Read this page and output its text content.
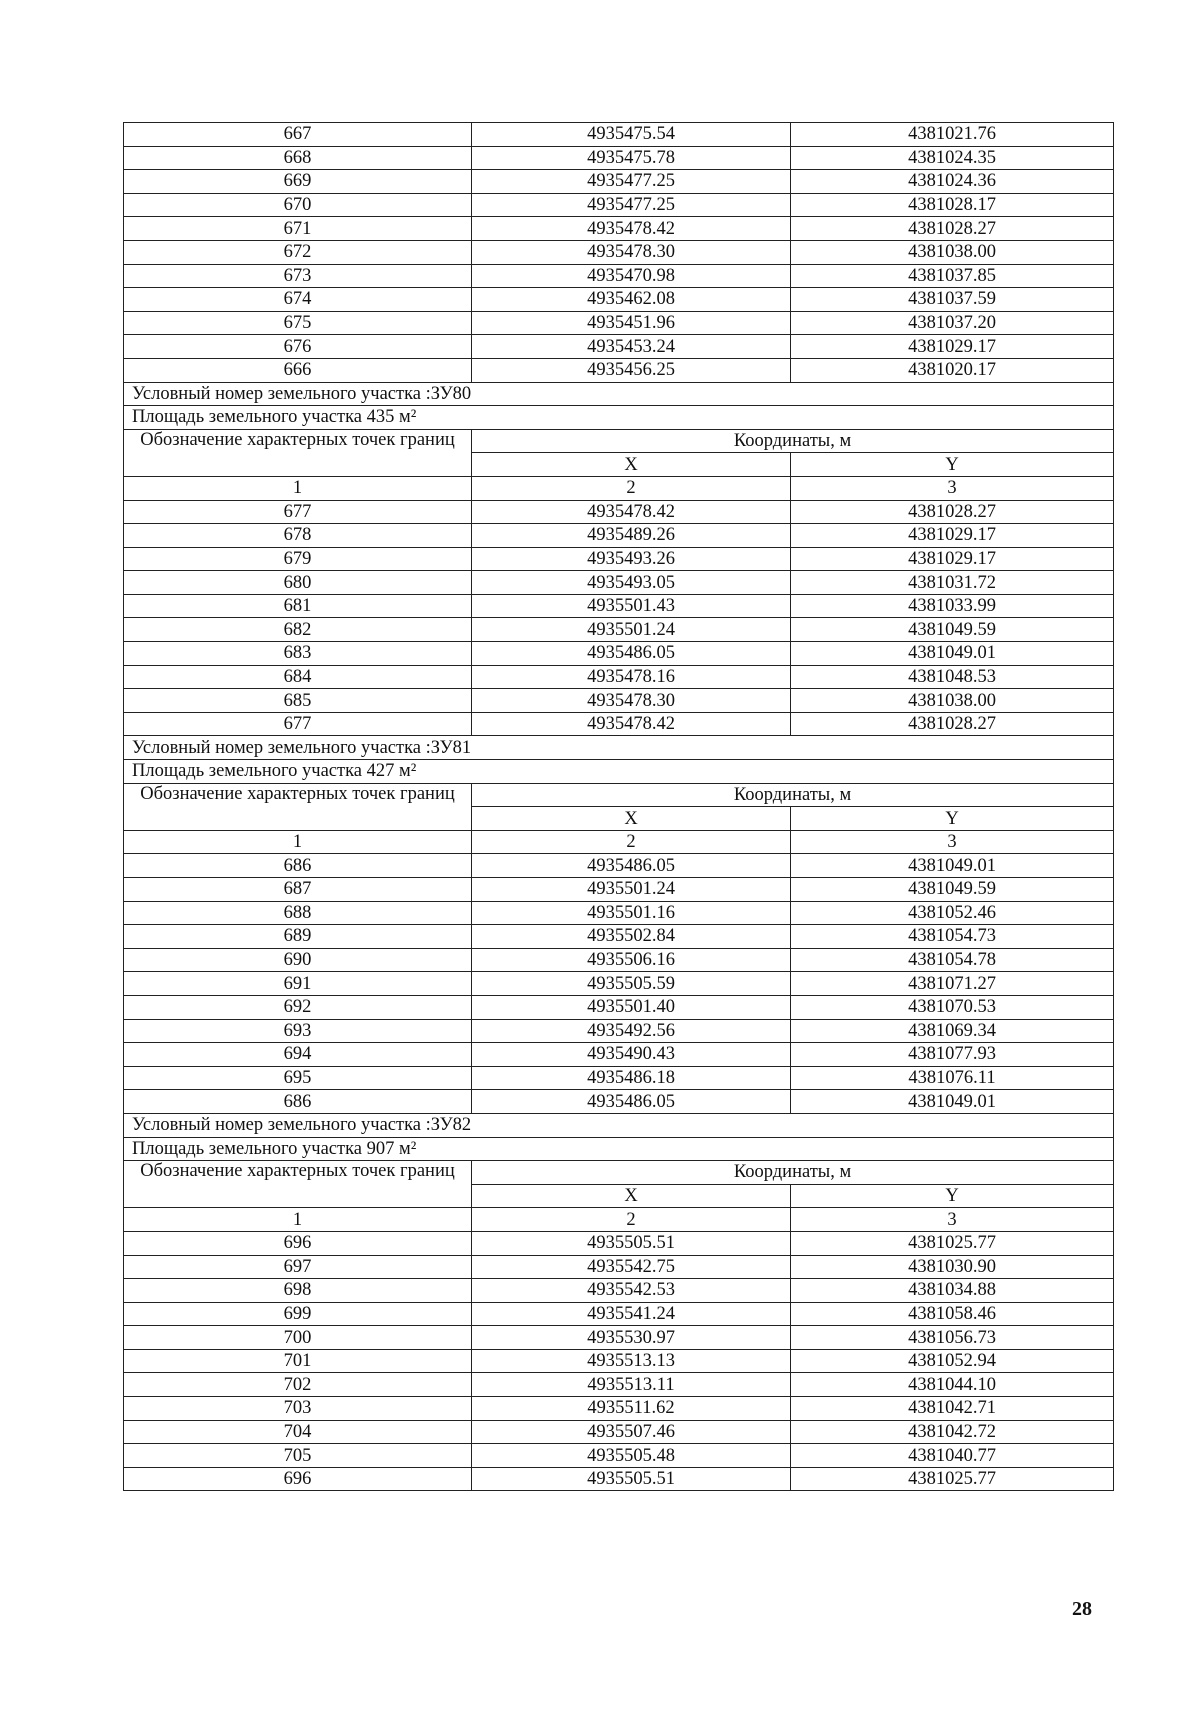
667	4935475.54	4381021.76
668	4935475.78	4381024.35
669	4935477.25	4381024.36
670	4935477.25	4381028.17
671	4935478.42	4381028.27
672	4935478.30	4381038.00
673	4935470.98	4381037.85
674	4935462.08	4381037.59
675	4935451.96	4381037.20
676	4935453.24	4381029.17
666	4935456.25	4381020.17
Условный номер земельного участка :ЗУ80		
Площадь земельного участка 435 м²		
Обозначение характерных точек границ	Координаты, м	
	X	Y
1	2	3
677	4935478.42	4381028.27
678	4935489.26	4381029.17
679	4935493.26	4381029.17
680	4935493.05	4381031.72
681	4935501.43	4381033.99
682	4935501.24	4381049.59
683	4935486.05	4381049.01
684	4935478.16	4381048.53
685	4935478.30	4381038.00
677	4935478.42	4381028.27
Условный номер земельного участка :ЗУ81		
Площадь земельного участка 427 м²		
Обозначение характерных точек границ	Координаты, м	
	X	Y
1	2	3
686	4935486.05	4381049.01
687	4935501.24	4381049.59
688	4935501.16	4381052.46
689	4935502.84	4381054.73
690	4935506.16	4381054.78
691	4935505.59	4381071.27
692	4935501.40	4381070.53
693	4935492.56	4381069.34
694	4935490.43	4381077.93
695	4935486.18	4381076.11
686	4935486.05	4381049.01
Условный номер земельного участка :ЗУ82		
Площадь земельного участка 907 м²		
Обозначение характерных точек границ	Координаты, м	
	X	Y
1	2	3
696	4935505.51	4381025.77
697	4935542.75	4381030.90
698	4935542.53	4381034.88
699	4935541.24	4381058.46
700	4935530.97	4381056.73
701	4935513.13	4381052.94
702	4935513.11	4381044.10
703	4935511.62	4381042.71
704	4935507.46	4381042.72
705	4935505.48	4381040.77
696	4935505.51	4381025.77
28
